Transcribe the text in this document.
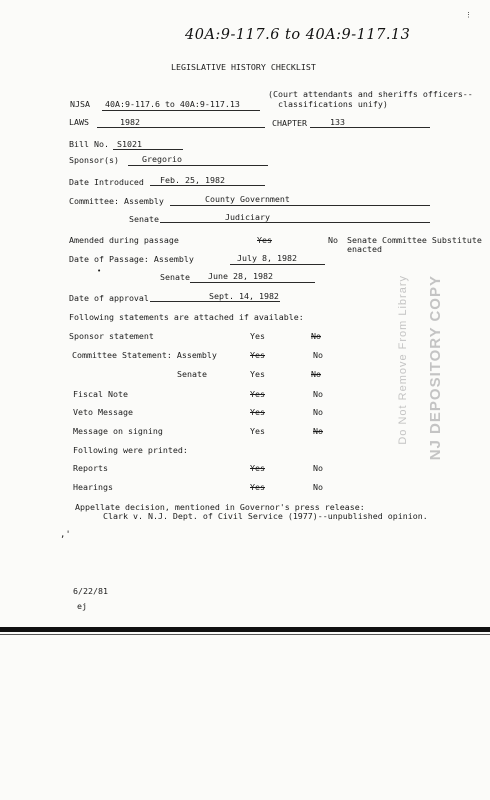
40A:9-117.6 to 40A:9-117.13
⋮
LEGISLATIVE HISTORY CHECKLIST
NJSA 40A:9-117.6 to 40A:9-117.13
(Court attendants and sheriffs officers--
classifications unify)
LAWS	1982	CHAPTER	133
Bill No. S1021
Sponsor(s)	Gregorio
Date Introduced Feb. 25, 1982
Committee: Assembly	County Government
Senate	Judiciary
Amended during passage	Yes	No Senate Committee Substitute
enacted
Date of Passage: Assembly	July 8, 1982
•
Senate June 28, 1982
Date of approval	Sept. 14, 1982
Following statements are attached if available:
Sponsor statement	Yes	No
Committee Statement: Assembly	Yes	No
Senate	Yes	No
Fiscal Note	Yes	No
Veto Message	Yes	No
Message on signing	Yes	No
Following were printed:
Reports	Yes	No
Hearings	Yes	No
Appellate decision, mentioned in Governor's press release:
Clark v. N.J. Dept. of Civil Service (1977)--unpublished opinion.
,'
6/22/81
ej
Do Not Remove From Library NJ DEPOSITORY COPY
